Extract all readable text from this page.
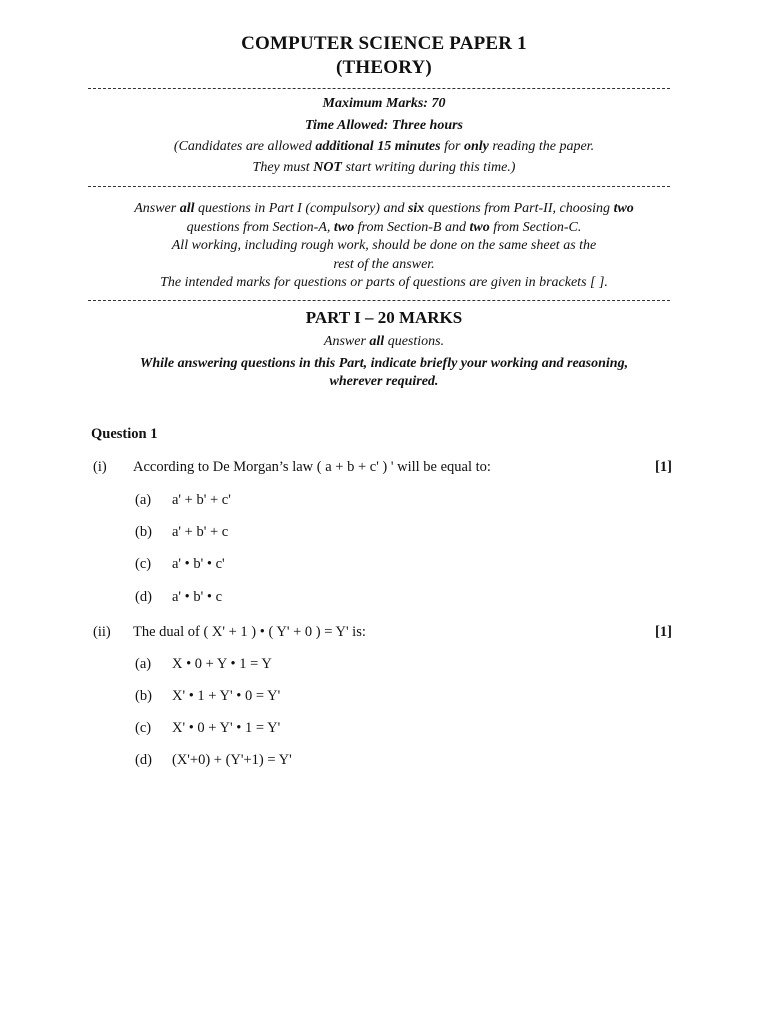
COMPUTER SCIENCE PAPER 1
(THEORY)
Maximum Marks: 70
Time Allowed: Three hours
(Candidates are allowed additional 15 minutes for only reading the paper.
They must NOT start writing during this time.)
Answer all questions in Part I (compulsory) and six questions from Part-II, choosing two
questions from Section-A, two from Section-B and two from Section-C.
All working, including rough work, should be done on the same sheet as the
rest of the answer.
The intended marks for questions or parts of questions are given in brackets [ ].
PART I – 20 MARKS
Answer all questions.
While answering questions in this Part, indicate briefly your working and reasoning,
wherever required.
Question 1
(i) According to De Morgan’s law ( a + b + c' ) ' will be equal to:	[1]
(a) a' + b' + c'
(b) a' + b' + c
(c) a' • b' • c'
(d) a' • b' • c
(ii) The dual of ( X' + 1 ) • ( Y' + 0 ) = Y' is:	[1]
(a) X • 0 + Y • 1 = Y
(b) X' • 1 + Y' • 0 = Y'
(c) X' • 0 + Y' • 1 = Y'
(d) (X'+0) + (Y'+1) = Y'
